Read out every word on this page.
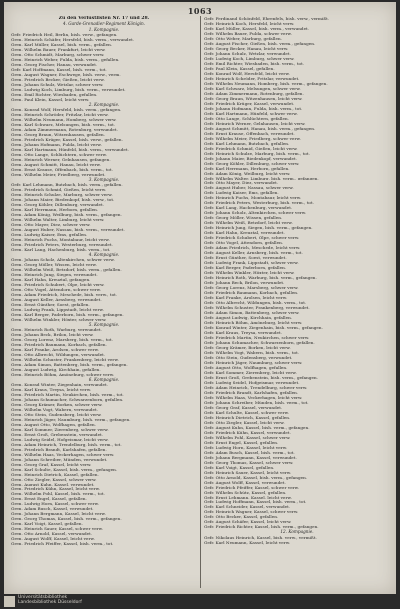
1063

Zu den Verlustlisten Nr. 17 und 28.

4. Garde-Grenadier-Regiment Königin.

1. Kompagnie.

Gefr. Friedrich Heil, Berlin, bish. verw., gefangen.

Gren. Heinrich Schäfer, Hersfeld, bish. verm., verwundet.

Gren. Karl Müller, Kassel, bish. verm., gefallen.

Gren. Wilhelm Bauer, Frankfurt, leicht verw.

Gren. Otto Schmidt, Marburg, schwer verw.

Gren. Heinrich Weber, Fulda, bish. verm., gefallen.

Gren. Georg Fischer, Hanau, verwundet.

Gefr. Karl Hoffmann, Kassel, bish. verm., tot.

Gren. August Wagner, Eschwege, bish. verw., verm.

Gren. Friedrich Becker, Gießen, leicht verw.

Gren. Johann Schulz, Wetzlar, schwer verw.

Gren. Ludwig Koch, Limburg, bish. verm., verwundet.

Gren. Emil Richter, Wiesbaden, gefallen.

Gren. Paul Klein, Kassel, leicht verw.

2. Kompagnie.

Gren. Konrad Wolf, Hersfeld, bish. verm., gefangen.

Gren. Heinrich Schröder, Fritzlar, leicht verw.

Gren. Wilhelm Neumann, Homberg, schwer verw.

Gren. Karl Schwarz, Melsungen, bish. verm., tot.

Gren. Adam Zimmermann, Rotenburg, verwundet.

Gren. Georg Braun, Witzenhausen, gefallen.

Gren. Friedrich Krüger, Kassel, bish. verw., gefallen.

Gren. Johann Hofmann, Fulda, leicht verw.

Gren. Karl Hartmann, Hünfeld, bish. verm., verwundet.

Gren. Otto Lange, Schlüchtern, schwer verw.

Gren. Heinrich Werner, Gelnhausen, gefangen.

Gren. August Schmitt, Hanau, leicht verw.

Gren. Ernst Krause, Offenbach, bish. verm., tot.

Gren. Wilhelm Meier, Friedberg, verwundet.

3. Kompagnie.

Gefr. Karl Lehmann, Butzbach, bish. verm., gefallen.

Gren. Friedrich Schmid, Gießen, leicht verw.

Gren. Heinrich Schulze, Marburg, schwer verw.

Gren. Johann Maier, Biedenkopf, bish. verw., tot.

Gren. Georg Köhler, Dillenburg, verwundet.

Gren. Karl Herrmann, Herborn, gefallen.

Gren. Adam König, Weilburg, bish. verm., gefangen.

Gren. Wilhelm Walter, Limburg, leicht verw.

Gren. Otto Mayer, Diez, schwer verw.

Gren. August Huber, Nassau, bish. verm., verwundet.

Gren. Ludwig Kaiser, Ems, gefallen.

Gren. Heinrich Fuchs, Montabaur, leicht verw.

Gren. Friedrich Peters, Westerburg, verwundet.

Gren. Karl Lang, Hachenburg, bish. verm., tot.

4. Kompagnie.

Gren. Johann Scholz, Altenkirchen, schwer verw.

Gren. Georg Möller, Wissen, leicht verw.

Gren. Wilhelm Weiß, Betzdorf, bish. verm., gefallen.

Gren. Heinrich Jung, Siegen, verwundet.

Gren. Karl Hahn, Kreuztal, gefangen.

Gren. Friedrich Schubert, Olpe, leicht verw.

Gren. Otto Vogel, Attendorn, schwer verw.

Gren. Adam Friedrich, Meschede, bish. verw., tot.

Gren. August Keller, Arnsberg, verwundet.

Gren. Ernst Günther, Soest, gefallen.

Gren. Ludwig Frank, Lippstadt, leicht verw.

Gren. Karl Berger, Paderborn, bish. verm., gefangen.

Gren. Wilhelm Winkler, Höxter, schwer verw.

5. Kompagnie.

Gren. Heinrich Roth, Warburg, verwundet.

Gren. Johann Beck, Brilon, leicht verw.

Gren. Georg Lorenz, Marsberg, bish. verm., tot.

Gren. Friedrich Baumann, Korbach, gefallen.

Gren. Karl Franke, Arolsen, schwer verw.

Gren. Otto Albrecht, Wildungen, verwundet.

Gren. Wilhelm Schuster, Frankenberg, leicht verw.

Gren. Adam Simon, Battenberg, bish. verm., gefangen.

Gren. August Ludwig, Kirchhain, gefallen.

Gren. Heinrich Böhm, Amöneburg, schwer verw.

6. Kompagnie.

Gren. Konrad Winter, Ziegenhain, verwundet.

Gren. Karl Kraus, Treysa, leicht verw.

Gren. Friedrich Martin, Neukirchen, bish. verm., tot.

Gren. Johann Schumacher, Schwarzenborn, gefallen.

Gren. Georg Krämer, Borken, schwer verw.

Gren. Wilhelm Vogt, Wabern, verwundet.

Gren. Otto Stein, Gudensberg, leicht verw.

Gren. Heinrich Jäger, Naumburg, bish. verm., gefangen.

Gren. August Otto, Wolfhagen, gefallen.

Gren. Karl Sommer, Zierenberg, schwer verw.

Gren. Ernst Groß, Grebenstein, verwundet.

Gren. Ludwig Seidel, Hofgeismar, leicht verw.

Gren. Adam Heinrich, Trendelburg, bish. verm., tot.

Gren. Friedrich Brandt, Karlshafen, gefallen.

Gren. Wilhelm Haas, Veckerhagen, schwer verw.

Gren. Johann Schreiber, Münden, verwundet.

Gren. Georg Graf, Kassel, leicht verw.

Gren. Karl Schulte, Kassel, bish. verm., gefangen.

Gren. Heinrich Dietrich, Kassel, gefallen.

Gren. Otto Ziegler, Kassel, schwer verw.

Gren. August Kuhn, Kassel, verwundet.

Gren. Friedrich Kühn, Kassel, leicht verw.

Gren. Wilhelm Pohl, Kassel, bish. verm., tot.

Gren. Ernst Engel, Kassel, gefallen.

Gren. Ludwig Horn, Kassel, schwer verw.

Gren. Adam Busch, Kassel, verwundet.

Gren. Johann Bergmann, Kassel, leicht verw.

Gren. Georg Thomas, Kassel, bish. verm., gefangen.

Gren. Karl Voigt, Kassel, gefallen.

Gren. Heinrich Sauer, Kassel, schwer verw.

Gren. Otto Arnold, Kassel, verwundet.

Gren. August Wolff, Kassel, leicht verw.

Gren. Friedrich Pfeiffer, Kassel, bish. verm., tot.

Gefr. Ferdinand Schönfeld, Ehrenfels, bish. verw., vermißt.

Gefr. Heinrich Koch, Hersfeld, leicht verw.

Gefr. Karl Müller, Kassel, bish. verm., verwundet.

Gefr. Wilhelm Bauer, Fulda, schwer verw.

Gefr. Otto Weber, Marburg, gefallen.

Gefr. August Fischer, Gießen, bish. verm., gefangen.

Gefr. Georg Becker, Hanau, leicht verw.

Gefr. Johann Schulz, Wetzlar, verwundet.

Gefr. Ludwig Koch, Limburg, schwer verw.

Gefr. Emil Richter, Wiesbaden, bish. verm., tot.

Gefr. Paul Klein, Kassel, gefallen.

Gefr. Konrad Wolf, Hersfeld, leicht verw.

Gefr. Heinrich Schröder, Fritzlar, verwundet.

Gefr. Wilhelm Neumann, Homberg, bish. verm., gefangen.

Gefr. Karl Schwarz, Melsungen, schwer verw.

Gefr. Adam Zimmermann, Rotenburg, gefallen.

Gefr. Georg Braun, Witzenhausen, leicht verw.

Gefr. Friedrich Krüger, Kassel, verwundet.

Gefr. Johann Hofmann, Fulda, bish. verm., tot.

Gefr. Karl Hartmann, Hünfeld, schwer verw.

Gefr. Otto Lange, Schlüchtern, gefallen.

Gefr. Heinrich Werner, Gelnhausen, leicht verw.

Gefr. August Schmitt, Hanau, bish. verm., gefangen.

Gefr. Ernst Krause, Offenbach, verwundet.

Gefr. Wilhelm Meier, Friedberg, schwer verw.

Gefr. Karl Lehmann, Butzbach, gefallen.

Gefr. Friedrich Schmid, Gießen, leicht verw.

Gefr. Heinrich Schulze, Marburg, bish. verm., tot.

Gefr. Johann Maier, Biedenkopf, verwundet.

Gefr. Georg Köhler, Dillenburg, schwer verw.

Gefr. Karl Herrmann, Herborn, gefallen.

Gefr. Adam König, Weilburg, leicht verw.

Gefr. Wilhelm Walter, Limburg, bish. verm., gefangen.

Gefr. Otto Mayer, Diez, verwundet.

Gefr. August Huber, Nassau, schwer verw.

Gefr. Ludwig Kaiser, Ems, gefallen.

Gefr. Heinrich Fuchs, Montabaur, leicht verw.

Gefr. Friedrich Peters, Westerburg, bish. verm., tot.

Gefr. Karl Lang, Hachenburg, verwundet.

Gefr. Johann Scholz, Altenkirchen, schwer verw.

Gefr. Georg Möller, Wissen, gefallen.

Gefr. Wilhelm Weiß, Betzdorf, leicht verw.

Gefr. Heinrich Jung, Siegen, bish. verm., gefangen.

Gefr. Karl Hahn, Kreuztal, verwundet.

Gefr. Friedrich Schubert, Olpe, schwer verw.

Gefr. Otto Vogel, Attendorn, gefallen.

Gefr. Adam Friedrich, Meschede, leicht verw.

Gefr. August Keller, Arnsberg, bish. verm., tot.

Gefr. Ernst Günther, Soest, verwundet.

Gefr. Ludwig Frank, Lippstadt, schwer verw.

Gefr. Karl Berger, Paderborn, gefallen.

Gefr. Wilhelm Winkler, Höxter, leicht verw.

Gefr. Heinrich Roth, Warburg, bish. verm., gefangen.

Gefr. Johann Beck, Brilon, verwundet.

Gefr. Georg Lorenz, Marsberg, schwer verw.

Gefr. Friedrich Baumann, Korbach, gefallen.

Gefr. Karl Franke, Arolsen, leicht verw.

Gefr. Otto Albrecht, Wildungen, bish. verm., tot.

Gefr. Wilhelm Schuster, Frankenberg, verwundet.

Gefr. Adam Simon, Battenberg, schwer verw.

Gefr. August Ludwig, Kirchhain, gefallen.

Gefr. Heinrich Böhm, Amöneburg, leicht verw.

Gefr. Konrad Winter, Ziegenhain, bish. verm., gefangen.

Gefr. Karl Kraus, Treysa, verwundet.

Gefr. Friedrich Martin, Neukirchen, schwer verw.

Gefr. Johann Schumacher, Schwarzenborn, gefallen.

Gefr. Georg Krämer, Borken, leicht verw.

Gefr. Wilhelm Vogt, Wabern, bish. verm., tot.

Gefr. Otto Stein, Gudensberg, verwundet.

Gefr. Heinrich Jäger, Naumburg, schwer verw.

Gefr. August Otto, Wolfhagen, gefallen.

Gefr. Karl Sommer, Zierenberg, leicht verw.

Gefr. Ernst Groß, Grebenstein, bish. verm., gefangen.

Gefr. Ludwig Seidel, Hofgeismar, verwundet.

Gefr. Adam Heinrich, Trendelburg, schwer verw.

Gefr. Friedrich Brandt, Karlshafen, gefallen.

Gefr. Wilhelm Haas, Veckerhagen, leicht verw.

Gefr. Johann Schreiber, Münden, bish. verm., tot.

Gefr. Georg Graf, Kassel, verwundet.

Gefr. Karl Schulte, Kassel, schwer verw.

Gefr. Heinrich Dietrich, Kassel, gefallen.

Gefr. Otto Ziegler, Kassel, leicht verw.

Gefr. August Kuhn, Kassel, bish. verm., gefangen.

Gefr. Friedrich Kühn, Kassel, verwundet.

Gefr. Wilhelm Pohl, Kassel, schwer verw.

Gefr. Ernst Engel, Kassel, gefallen.

Gefr. Ludwig Horn, Kassel, leicht verw.

Gefr. Adam Busch, Kassel, bish. verm., tot.

Gefr. Johann Bergmann, Kassel, verwundet.

Gefr. Georg Thomas, Kassel, schwer verw.

Gefr. Karl Voigt, Kassel, gefallen.

Gefr. Heinrich Sauer, Kassel, leicht verw.

Gefr. Otto Arnold, Kassel, bish. verm., gefangen.

Gefr. August Wolff, Kassel, verwundet.

Gefr. Friedrich Pfeiffer, Kassel, schwer verw.

Gefr. Wilhelm Schütz, Kassel, gefallen.

Gefr. Ernst Lehmann, Kassel, leicht verw.

Gefr. Ludwig Hoffmann, Kassel, bish. verm., tot.

Gefr. Karl Schneider, Kassel, verwundet.

Gefr. Heinrich Wagner, Kassel, schwer verw.

Gefr. Otto Becker, Kassel, gefallen.

Gefr. August Schäfer, Kassel, leicht verw.

Gefr. Friedrich Richter, Kassel, bish. verm., gefangen.

12. Kompagnie.

Gefr. Nikolaus Heinrich, Kassel, bish. verw., vermißt.

Gefr. Karl Neumann, Kassel, leicht verw.

Universitätsbibliothek
Landesbibliothek Düsseldorf
